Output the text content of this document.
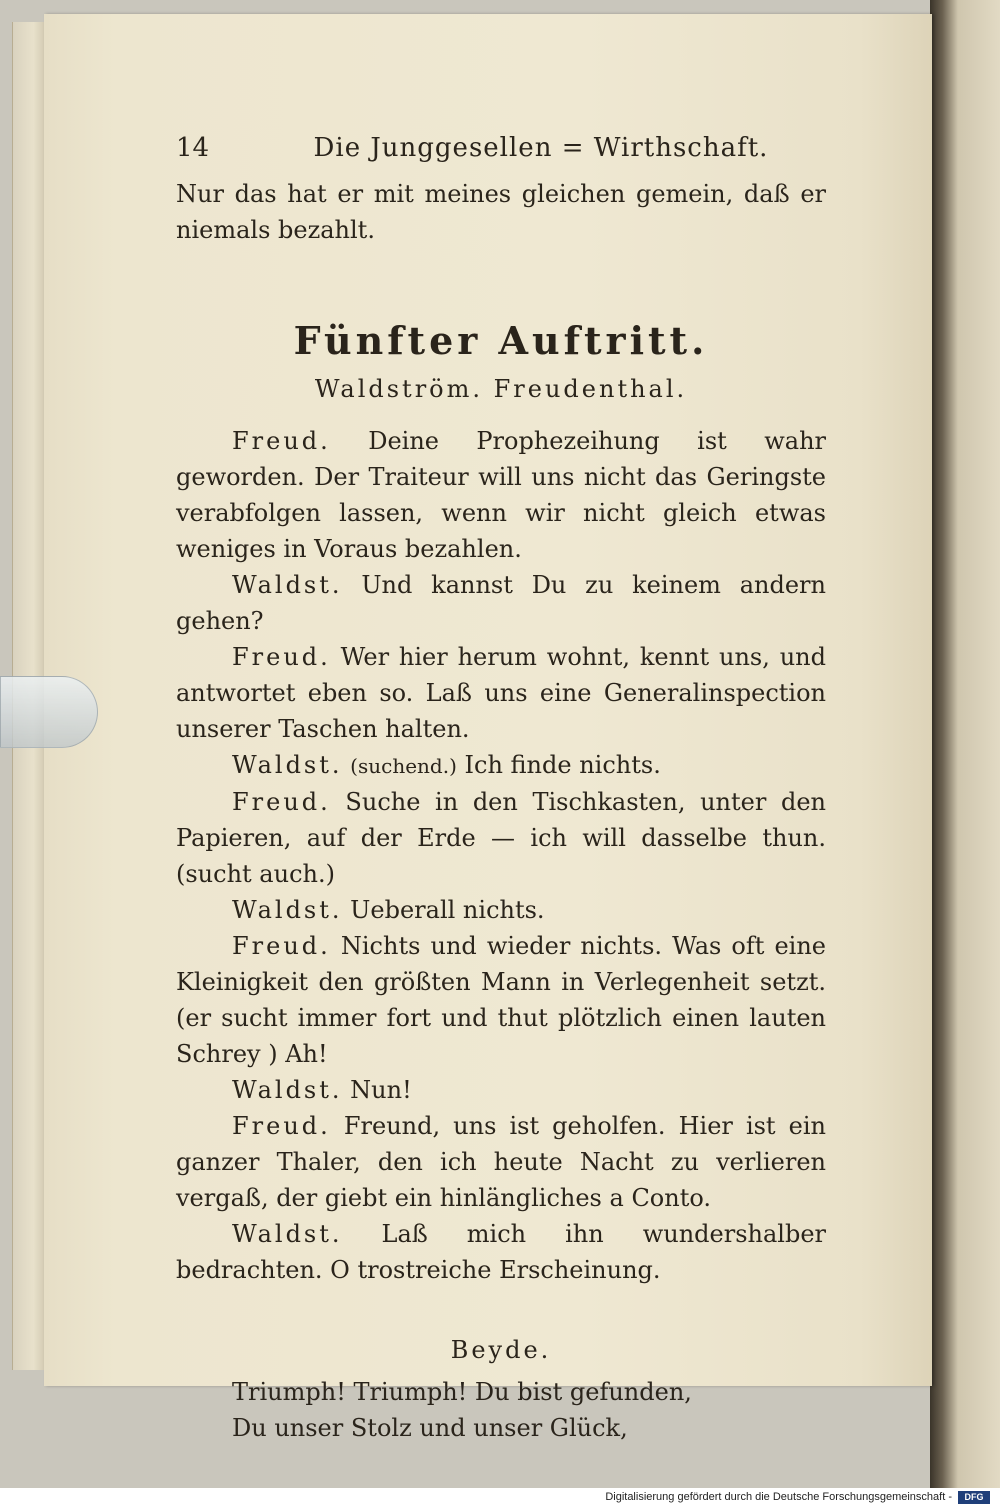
14	Die Junggesellen = Wirthschaft.

Nur das hat er mit meines gleichen gemein, daß er niemals bezahlt.

Fünfter Auftritt.
Waldström. Freudenthal.

Freud. Deine Prophezeihung ist wahr geworden. Der Traiteur will uns nicht das Geringste verabfolgen lassen, wenn wir nicht gleich etwas weniges in Voraus bezahlen.

Waldst. Und kannst Du zu keinem andern gehen?

Freud. Wer hier herum wohnt, kennt uns, und antwortet eben so. Laß uns eine Generalinspection unserer Taschen halten.

Waldst. (suchend.) Ich finde nichts.

Freud. Suche in den Tischkasten, unter den Papieren, auf der Erde — ich will dasselbe thun. (sucht auch.)

Waldst. Ueberall nichts.

Freud. Nichts und wieder nichts. Was oft eine Kleinigkeit den größten Mann in Verlegenheit setzt. (er sucht immer fort und thut plötzlich einen lauten Schrey ) Ah!

Waldst. Nun!

Freud. Freund, uns ist geholfen. Hier ist ein ganzer Thaler, den ich heute Nacht zu verlieren vergaß, der giebt ein hinlängliches a Conto.

Waldst. Laß mich ihn wundershalber bedrachten. O trostreiche Erscheinung.

Beyde.

Triumph! Triumph! Du bist gefunden,

Du unser Stolz und unser Glück,

Digitalisierung gefördert durch die Deutsche Forschungsgemeinschaft -	DFG
